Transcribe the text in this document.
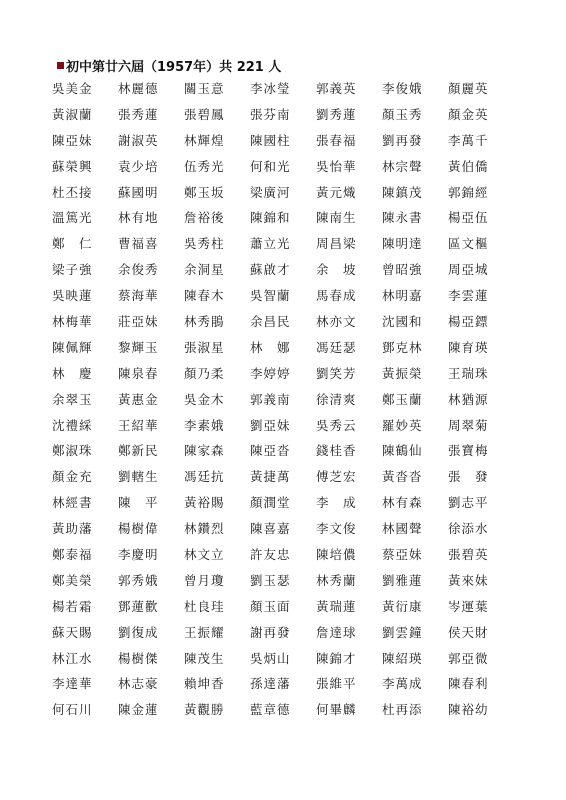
初中第廿六屆（1957年）共 221 人
吳美金	林麗德	關玉意	李冰瑩	郭義英	李俊娥	顏麗英
黃淑蘭	張秀蓮	張碧鳳	張芬南	劉秀蓮	顏玉秀	顏金英
陳亞妹	謝淑英	林輝煌	陳國柱	張春福	劉再發	李萬千
蘇榮興	袁少培	伍秀光	何和光	吳怡華	林宗聲	黃伯僑
杜丕接	蘇國明	鄭玉坂	梁廣河	黃元熾	陳鎮茂	郭錦經
溫篤光	林有地	詹裕後	陳錦和	陳南生	陳永書	楊亞伍
鄭　仁	曹福喜	吳秀柱	蕭立光	周昌梁	陳明達	區文樞
梁子強	余俊秀	余洞星	蘇啟才	余　坡	曾昭強	周亞城
吳映蓮	蔡海華	陳春木	吳智蘭	馬春成	林明嘉	李雲蓮
林梅華	莊亞妹	林秀鵑	余昌民	林亦文	沈國和	楊亞鏢
陳佩輝	黎輝玉	張淑星	林　娜	馮廷瑟	鄧克林	陳育瑛
林　慶	陳泉春	顏乃柔	李婷婷	劉笑芳	黃振榮	王瑞珠
余翠玉	黃惠金	吳金木	郭義南	徐清爽	鄭玉蘭	林猶源
沈禮綵	王紹華	李素娥	劉亞妹	吳秀云	羅妙英	周翠菊
鄭淑珠	鄭新民	陳家森	陳亞沓	錢桂香	陳鶴仙	張寶梅
顏金充	劉轄生	馮廷抗	黃捷萬	傅芝宏	黃沓沓	張　發
林經書	陳　平	黃裕賜	顏潤堂	李　成	林有森	劉志平
黃助藩	楊樹偉	林鑽烈	陳喜嘉	李文俊	林國聲	徐添水
鄭泰福	李慶明	林文立	許友忠	陳培儂	蔡亞妹	張碧英
鄭美榮	郭秀娥	曾月瓊	劉玉瑟	林秀蘭	劉雅蓮	黃來妹
楊若霜	鄧蓮歡	杜良珪	顏玉面	黃瑞蓮	黃衍康	岑運葉
蘇天賜	劉復成	王振耀	謝再發	詹達球	劉雲鐘	侯天財
林江水	楊樹傑	陳茂生	吳炳山	陳錦才	陳紹瑛	郭亞微
李達華	林志豪	賴坤香	孫達藩	張維平	李萬成	陳春利
何石川	陳金蓮	黃觀勝	藍章德	何畢麟	杜再添	陳裕幼
